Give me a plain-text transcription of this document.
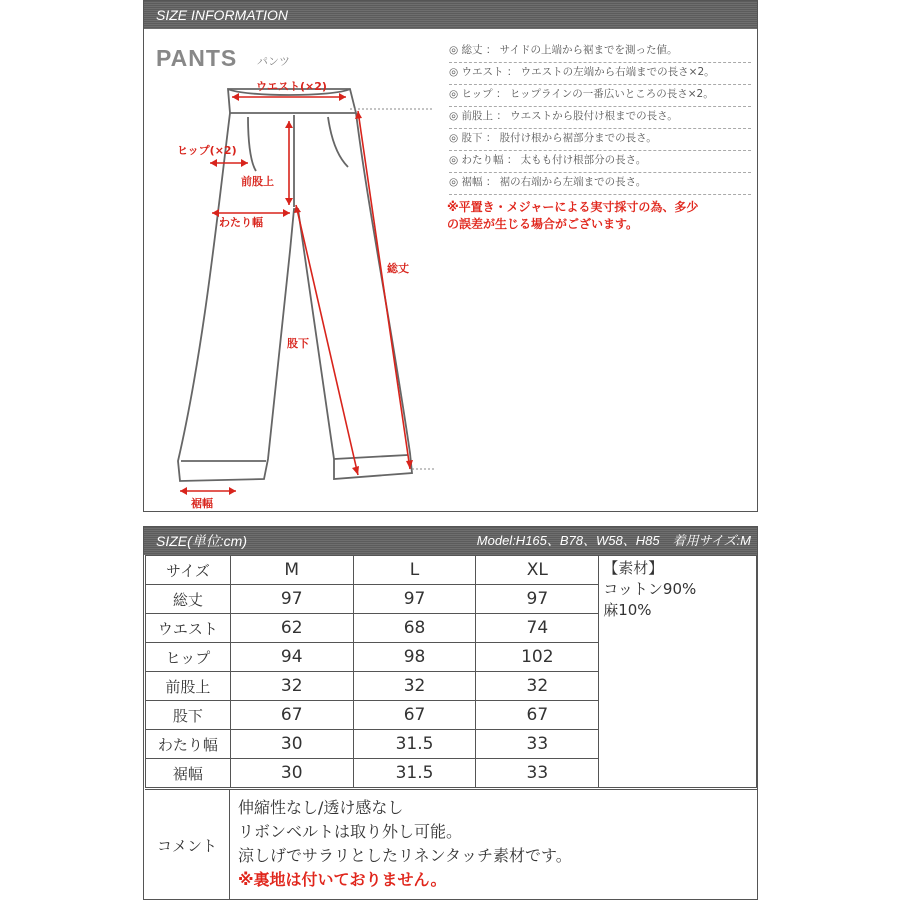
SIZE INFORMATION
PANTS パンツ
ウエスト(×2)
ヒップ(×2)
前股上
わたり幅
総丈
股下
裾幅
◎ 総丈 ： サイドの上端から裾までを測った値。
◎ ウエスト ： ウエストの左端から右端までの長さ×2。
◎ ヒップ ： ヒップラインの一番広いところの長さ×2。
◎ 前股上 ： ウエストから股付け根までの長さ。
◎ 股下 ： 股付け根から裾部分までの長さ。
◎ わたり幅 ： 太もも付け根部分の長さ。
◎ 裾幅 ： 裾の右端から左端までの長さ。
※平置き・メジャーによる実寸採寸の為、多少
の誤差が生じる場合がございます。
SIZE(単位:cm)	Model:H165、B78、W58、H85　着用サイズ:M
サイズ	M	L	XL	【素材】
コットン90%
麻10%

総丈	97	97	97	
ウエスト	62	68	74	
ヒップ	94	98	102	
前股上	32	32	32	
股下	67	67	67	
わたり幅	30	31.5	33	
裾幅	30	31.5	33	
コメント
伸縮性なし/透け感なし
リボンベルトは取り外し可能。
涼しげでサラリとしたリネンタッチ素材です。
※裏地は付いておりません。
